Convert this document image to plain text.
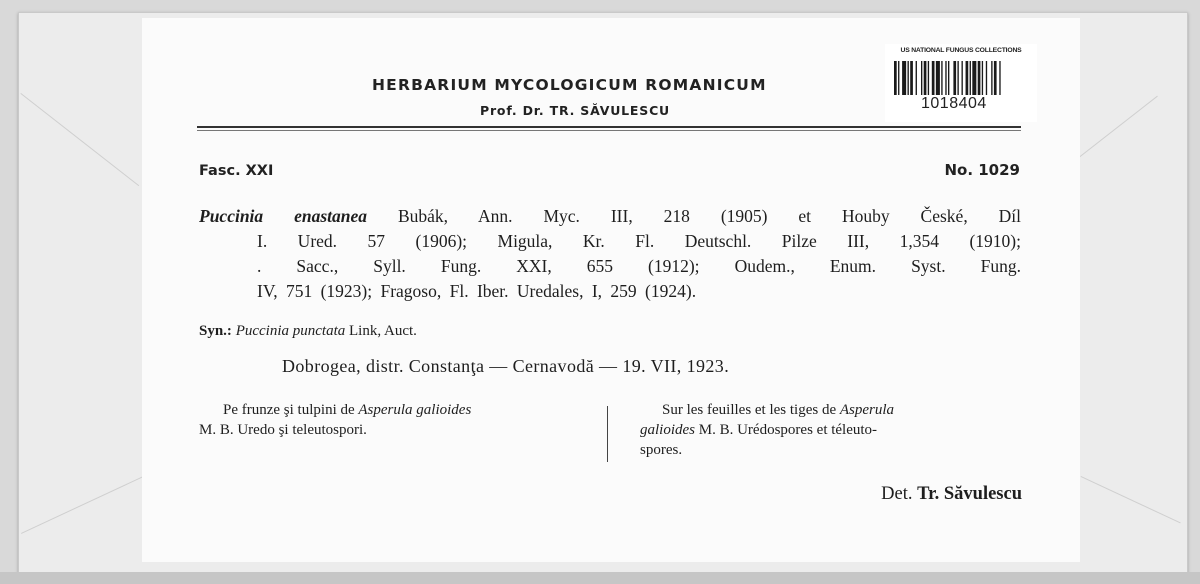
HERBARIUM MYCOLOGICUM ROMANICUM
Prof. Dr. TR. SĂVULESCU
Fasc. XXI	No. 1029
Puccinia enastanea Bubák, Ann. Myc. III, 218 (1905) et Houby České, Díl
I. Ured. 57 (1906); Migula, Kr. Fl. Deutschl. Pilze III, 1,354 (1910);
. Sacc., Syll. Fung. XXI, 655 (1912); Oudem., Enum. Syst. Fung.
IV, 751 (1923); Fragoso, Fl. Iber. Uredales, I, 259 (1924).
Syn.: Puccinia punctata Link, Auct.
Dobrogea, distr. Constanţa — Cernavodă — 19. VII, 1923.
Pe frunze şi tulpini de Asperula galioides
M. B. Uredo şi teleutospori.
Sur les feuilles et les tiges de Asperula
galioides M. B. Urédospores et téleuto-
spores.
Det. Tr. Săvulescu
US NATIONAL FUNGUS COLLECTIONS
1018404
